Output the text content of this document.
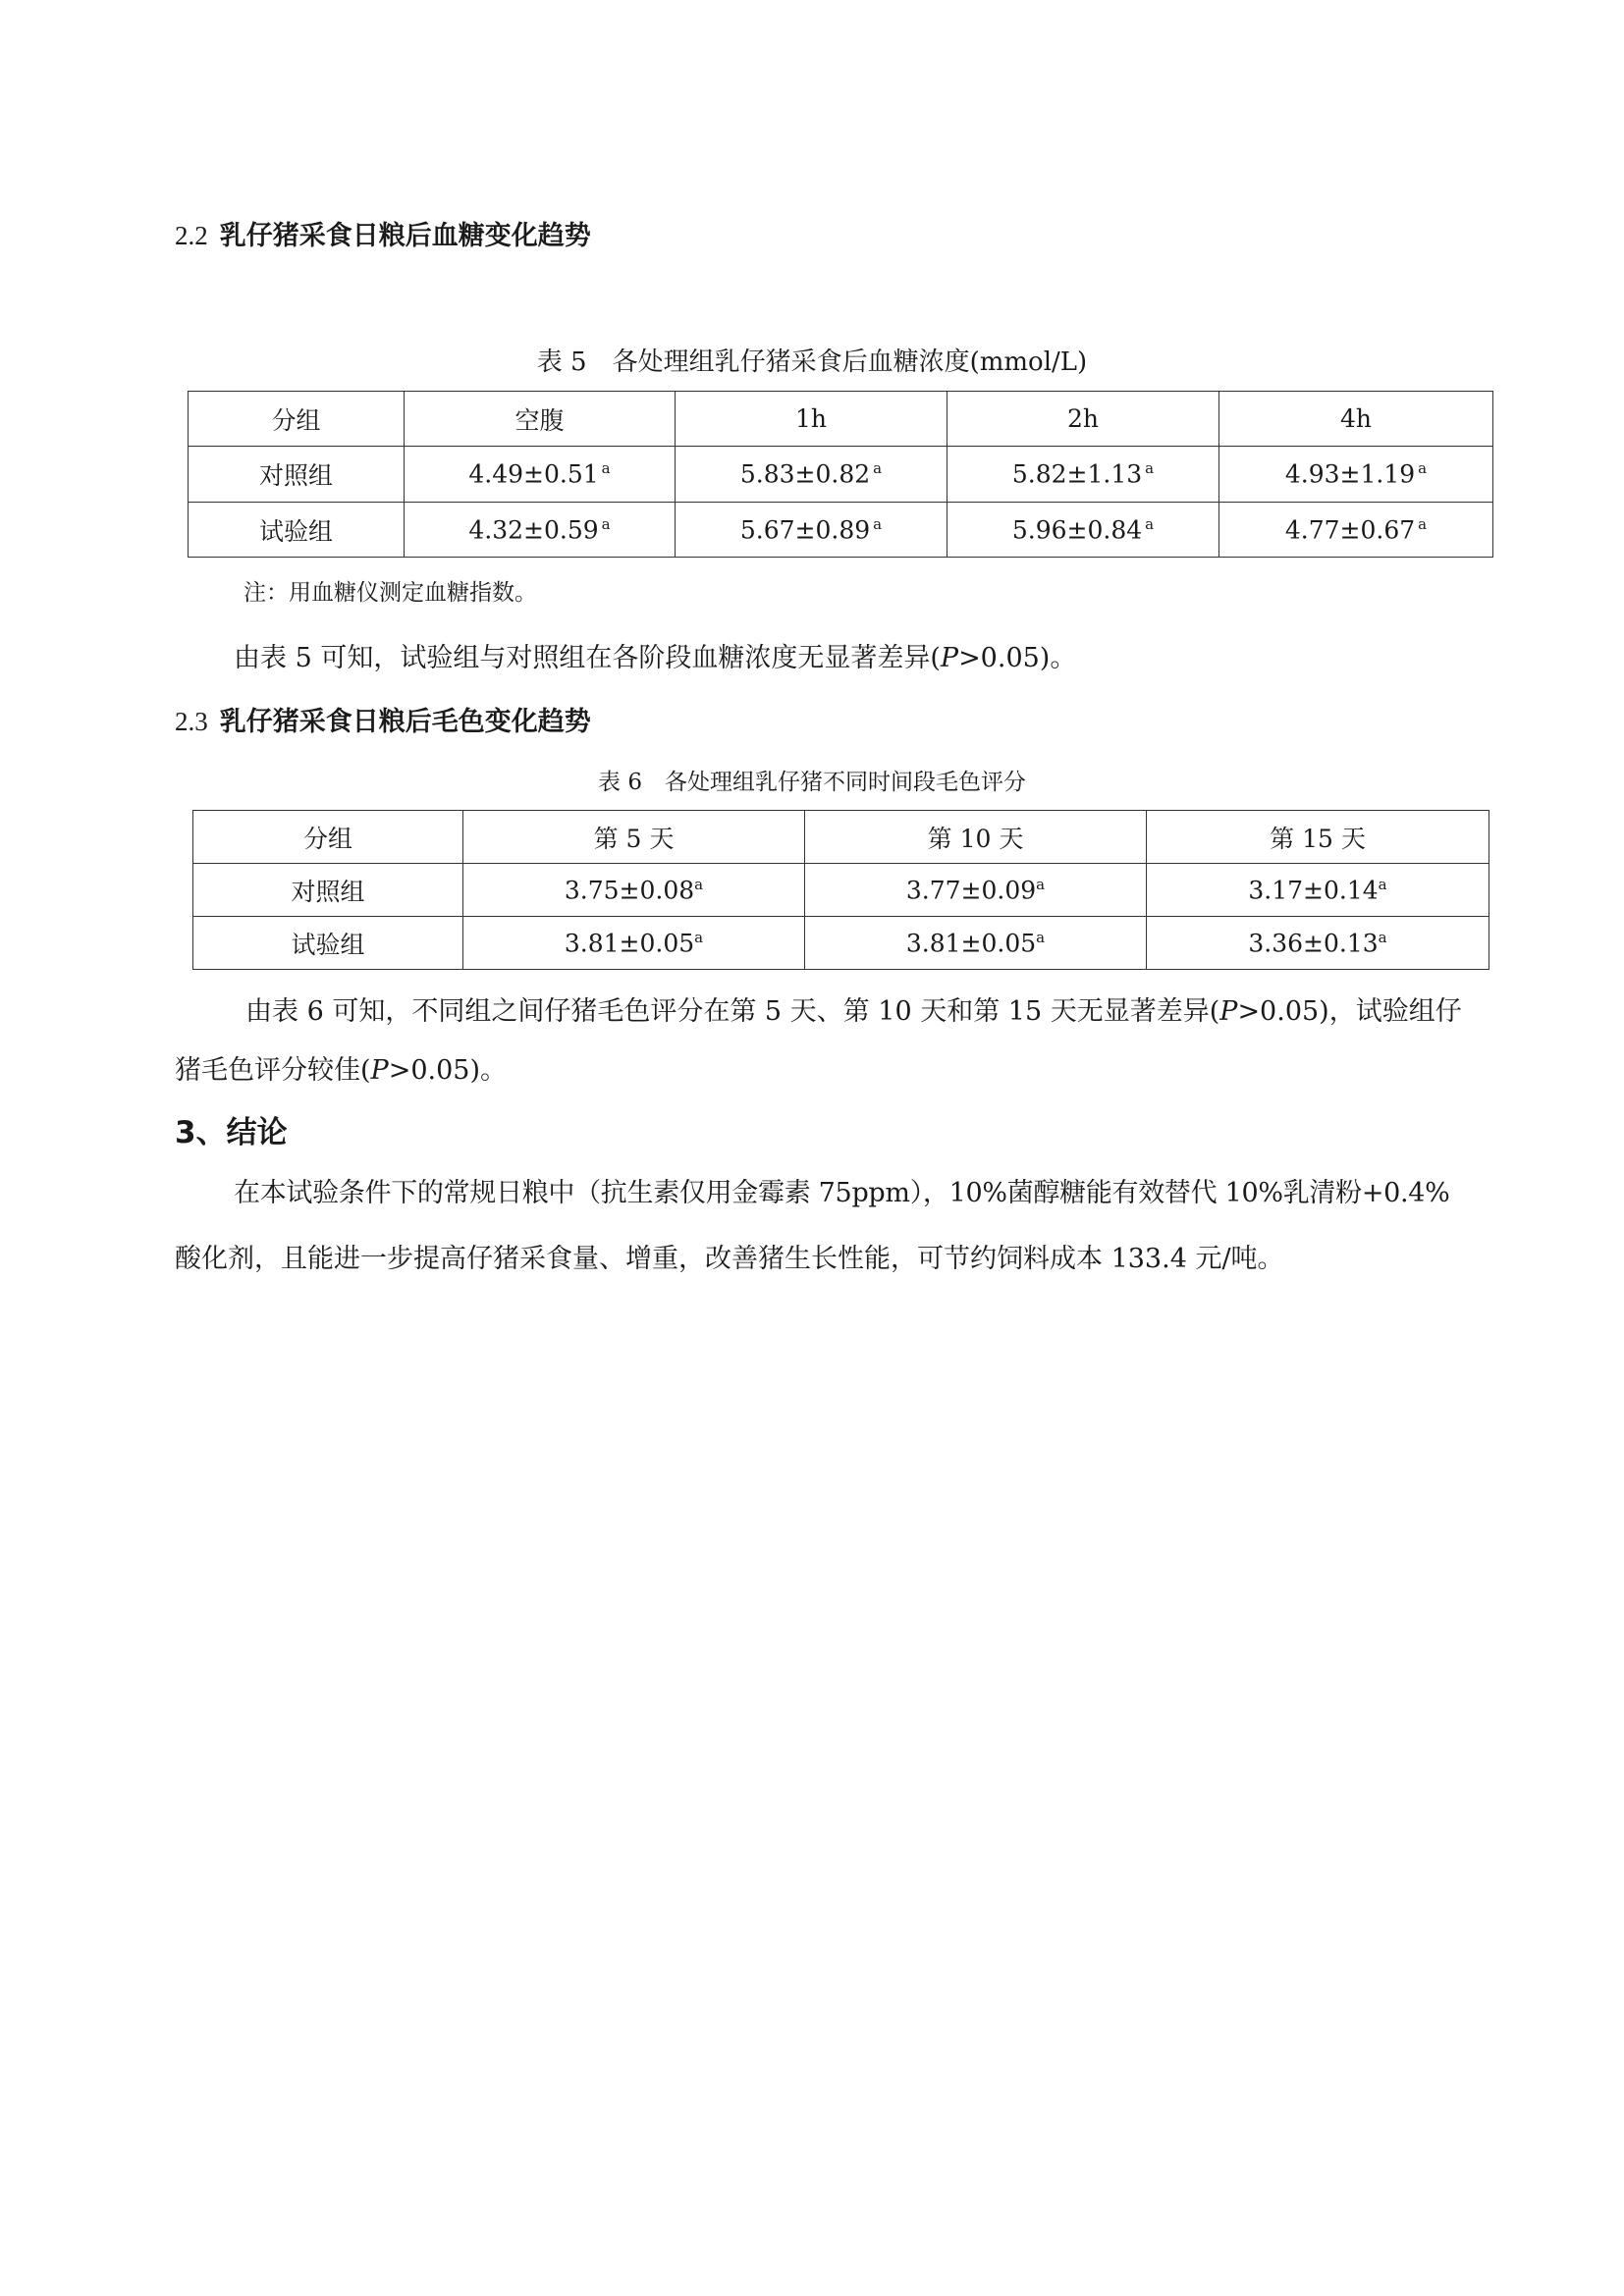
2.2 乳仔猪采食日粮后血糖变化趋势
表 5　各处理组乳仔猪采食后血糖浓度(mmol/L)
分组	空腹	1h	2h	4h
对照组	4.49±0.51 $^a$	5.83±0.82 $^a$	5.82±1.13 $^a$	4.93±1.19 $^a$
试验组	4.32±0.59 $^a$	5.67±0.89 $^a$	5.96±0.84 $^a$	4.77±0.67 $^a$
注：用血糖仪测定血糖指数。
由表 5 可知，试验组与对照组在各阶段血糖浓度无显著差异(P>0.05)。
2.3 乳仔猪采食日粮后毛色变化趋势
表 6　各处理组乳仔猪不同时间段毛色评分
分组	第 5 天	第 10 天	第 15 天
对照组	3.75±0.08$^a$	3.77±0.09$^a$	3.17±0.14$^a$
试验组	3.81±0.05$^a$	3.81±0.05$^a$	3.36±0.13$^a$
由表 6 可知，不同组之间仔猪毛色评分在第 5 天、第 10 天和第 15 天无显著差异(P>0.05)，试验组仔
猪毛色评分较佳(P>0.05)。
3、结论
在本试验条件下的常规日粮中（抗生素仅用金霉素 75ppm），10%菌醇糖能有效替代 10%乳清粉+0.4%
酸化剂，且能进一步提高仔猪采食量、增重，改善猪生长性能，可节约饲料成本 133.4 元/吨。
